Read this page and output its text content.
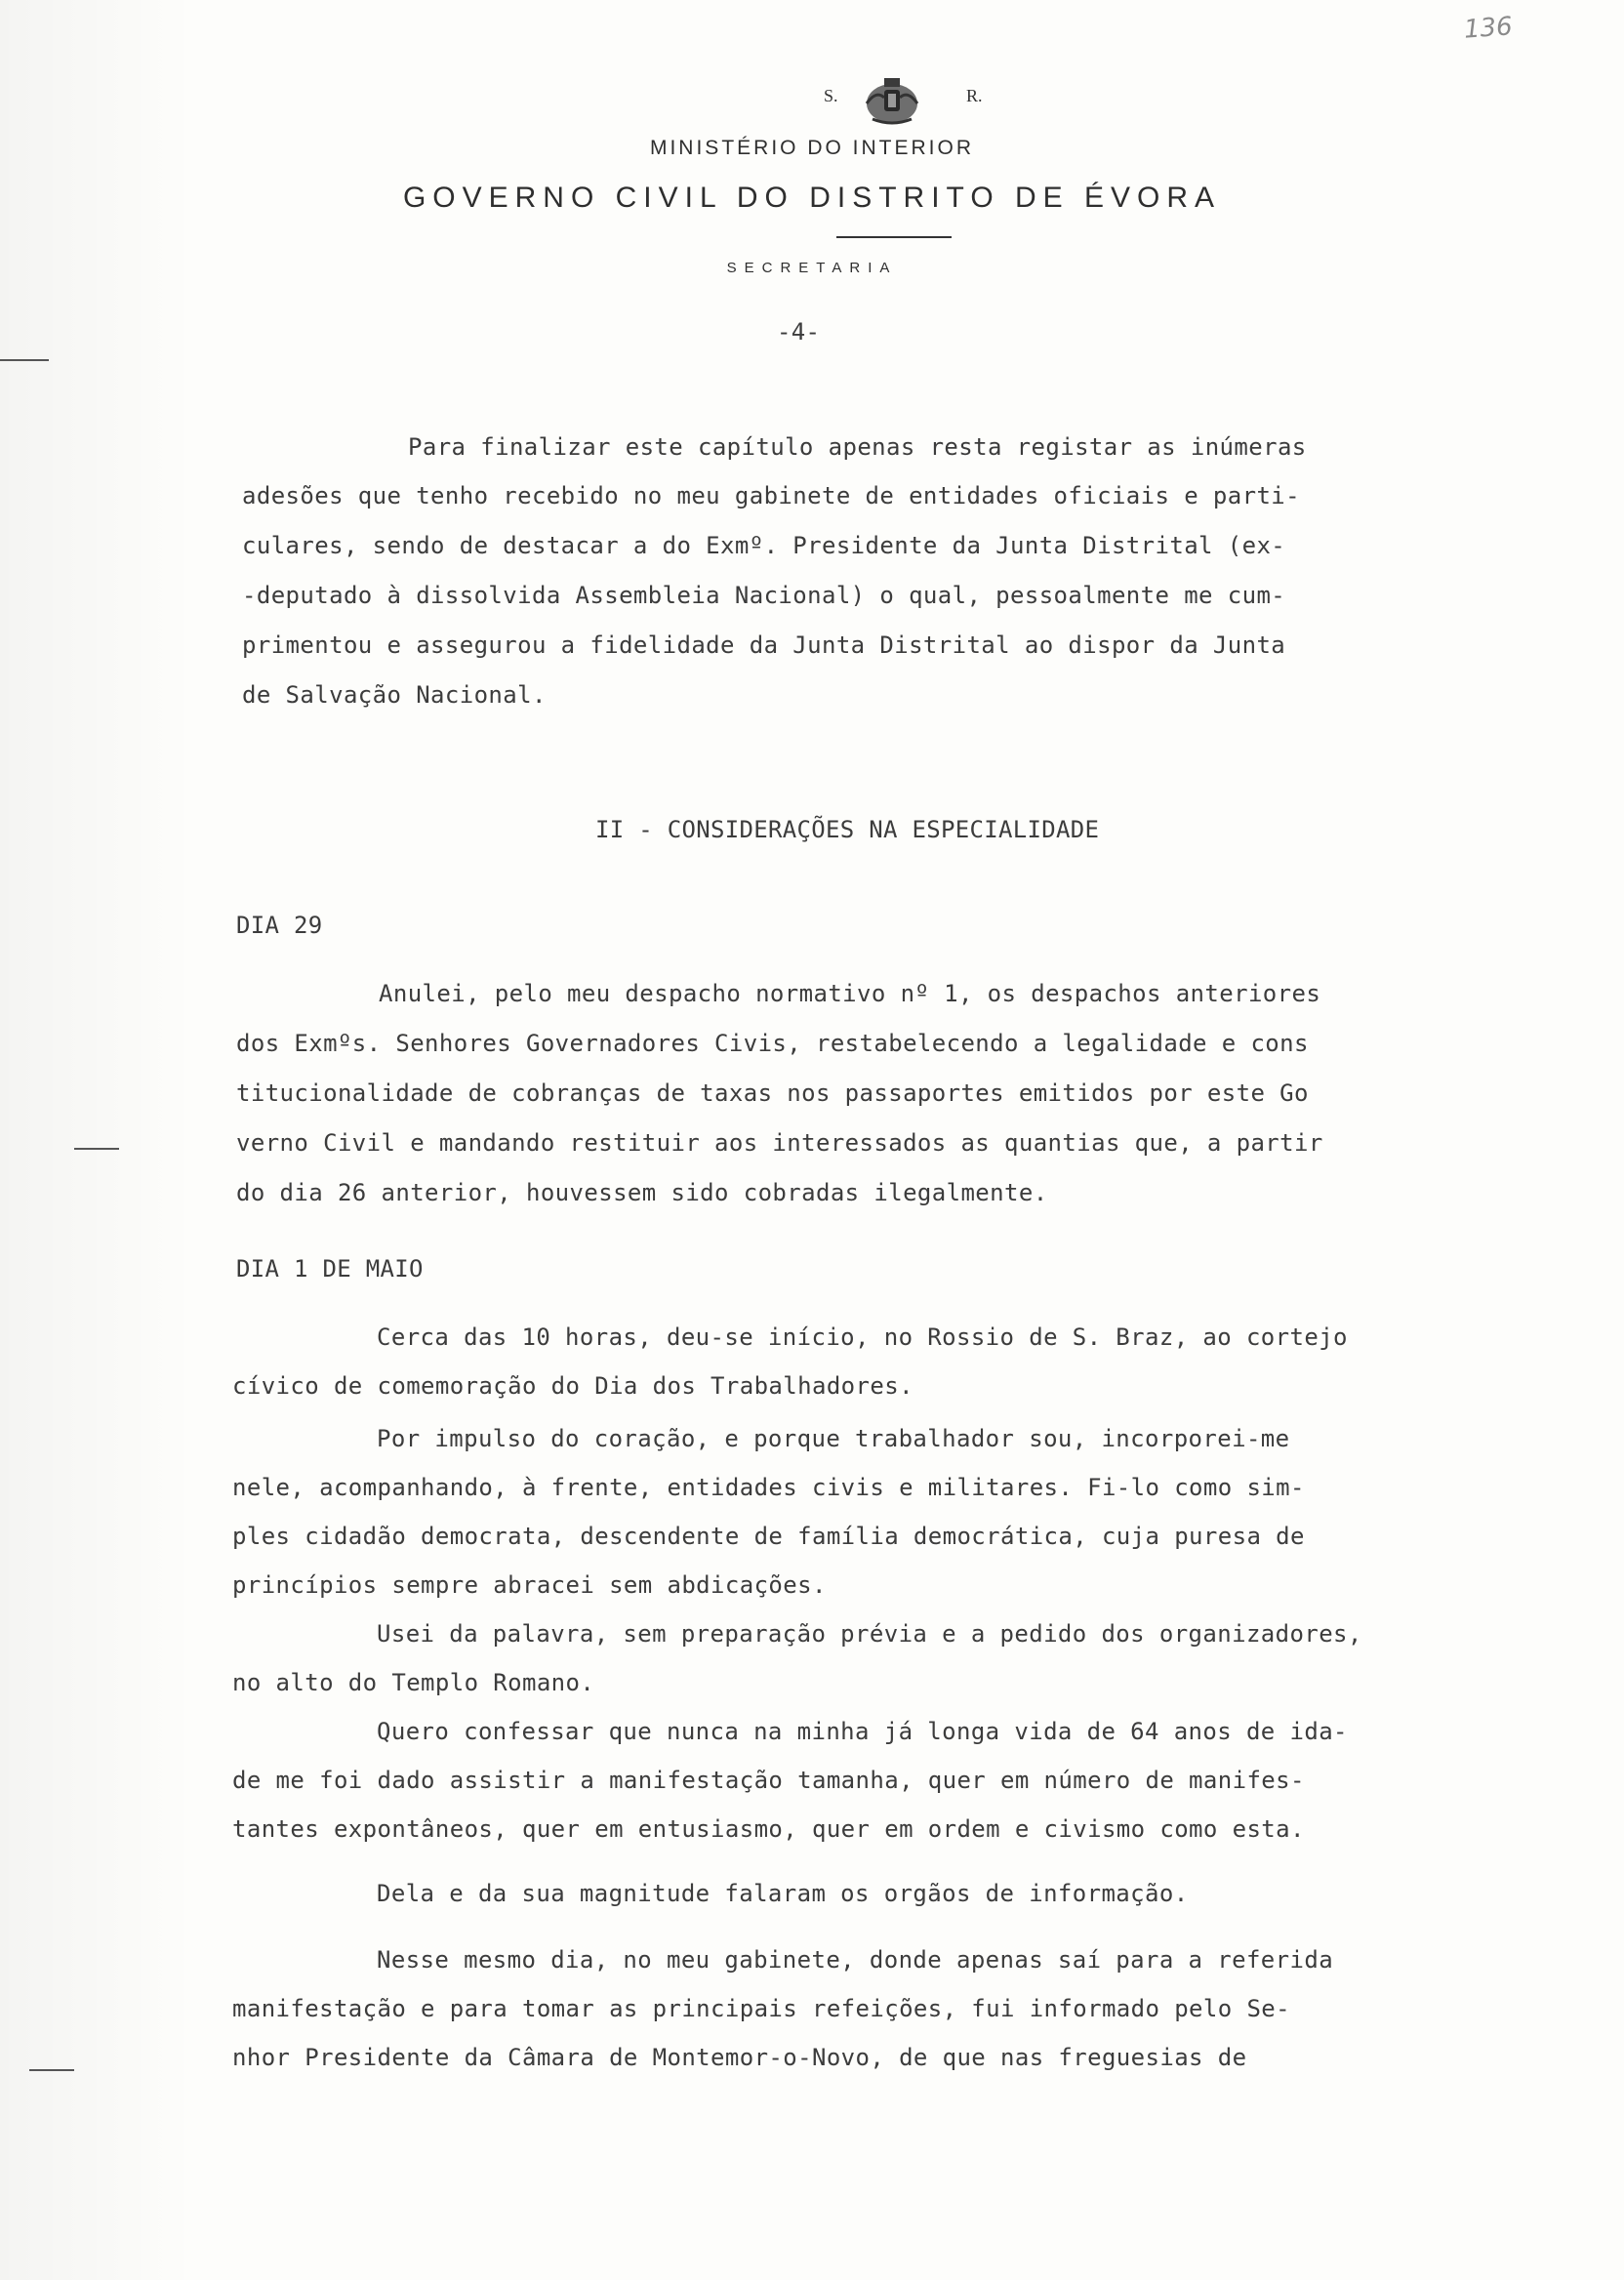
136
S.	R.
MINISTÉRIO DO INTERIOR
GOVERNO CIVIL DO DISTRITO DE ÉVORA
SECRETARIA
-4-
Para finalizar este capítulo apenas resta registar as inúmeras
adesões que tenho recebido no meu gabinete de entidades oficiais e parti-
culares, sendo de destacar a do Exmº. Presidente da Junta Distrital (ex-
-deputado à dissolvida Assembleia Nacional) o qual, pessoalmente me cum-
primentou e assegurou a fidelidade da Junta Distrital ao dispor da Junta
de Salvação Nacional.
II - CONSIDERAÇÕES NA ESPECIALIDADE
DIA 29
Anulei, pelo meu despacho normativo nº 1, os despachos anteriores
dos Exmºs. Senhores Governadores Civis, restabelecendo a legalidade e cons
titucionalidade de cobranças de taxas nos passaportes emitidos por este Go
verno Civil e mandando restituir aos interessados as quantias que, a partir
do dia 26 anterior, houvessem sido cobradas ilegalmente.
DIA 1 DE MAIO
Cerca das 10 horas, deu-se início, no Rossio de S. Braz, ao cortejo
cívico de comemoração do Dia dos Trabalhadores.
Por impulso do coração, e porque trabalhador sou, incorporei-me
nele, acompanhando, à frente, entidades civis e militares. Fi-lo como sim-
ples cidadão democrata, descendente de família democrática, cuja puresa de
princípios sempre abracei sem abdicações.
Usei da palavra, sem preparação prévia e a pedido dos organizadores,
no alto do Templo Romano.
Quero confessar que nunca na minha já longa vida de 64 anos de ida-
de me foi dado assistir a manifestação tamanha, quer em número de manifes-
tantes expontâneos, quer em entusiasmo, quer em ordem e civismo como esta.
Dela e da sua magnitude falaram os orgãos de informação.
Nesse mesmo dia, no meu gabinete, donde apenas saí para a referida
manifestação e para tomar as principais refeições, fui informado pelo Se-
nhor Presidente da Câmara de Montemor-o-Novo, de que nas freguesias de
